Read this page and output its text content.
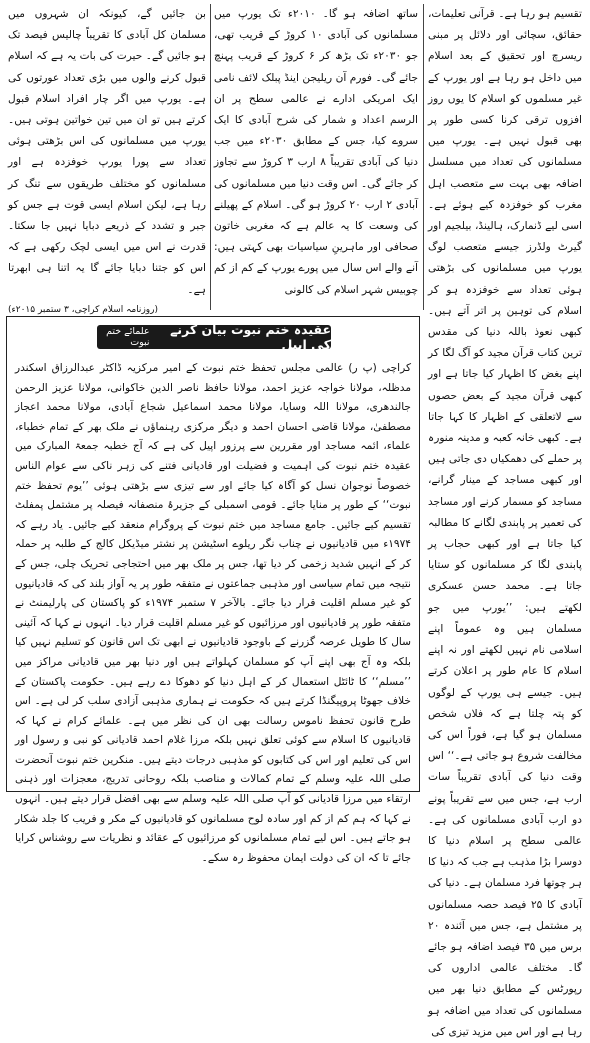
تقسیم ہو رہا ہے۔ قرآنی تعلیمات، حقائق، سچائی اور دلائل پر مبنی ریسرچ اور تحقیق کے بعد اسلام میں داخل ہو رہا ہے اور یورپ کے غیر مسلموں کو اسلام کا یوں روز افزوں ترقی کرنا کسی طور پر بھی قبول نہیں ہے۔ یورپ میں مسلمانوں کی تعداد میں مسلسل اضافہ بھی بہت سے متعصب اہل مغرب کو خوفزدہ کیے ہوئے ہے۔ اسی لیے ڈنمارک، ہالینڈ، بیلجیم اور گیرٹ ولڈرز جیسے متعصب لوگ یورپ میں مسلمانوں کی بڑھتی ہوئی تعداد سے خوفزدہ ہو کر اسلام کی توہین پر اتر آتے ہیں۔ کبھی نعوذ باللہ دنیا کی مقدس ترین کتاب قرآن مجید کو آگ لگا کر اپنے بغض کا اظہار کیا جاتا ہے اور کبھی قرآن مجید کے بعض حصوں سے لاتعلقی کے اظہار کا کہا جاتا ہے۔ کبھی خانہ کعبہ و مدینہ منورہ پر حملے کی دھمکیاں دی جاتی ہیں اور کبھی مساجد کے مینار گرانے، مساجد کو مسمار کرنے اور مساجد کی تعمیر پر پابندی لگانے کا مطالبہ کیا جاتا ہے اور کبھی حجاب پر پابندی لگا کر مسلمانوں کو ستایا جاتا ہے۔ محمد حسن عسکری لکھتے ہیں: ’’یورپ میں جو مسلمان ہیں وہ عموماً اپنے اسلامی نام نہیں لکھتے اور نہ اپنے اسلام کا عام طور پر اعلان کرتے ہیں۔ جیسے ہی یورپ کے لوگوں کو پتہ چلتا ہے کہ فلاں شخص مسلمان ہو گیا ہے، فوراً اس کی مخالفت شروع ہو جاتی ہے۔‘‘ اس وقت دنیا کی آبادی تقریباً سات ارب ہے، جس میں سے تقریباً پونے دو ارب آبادی مسلمانوں کی ہے۔ عالمی سطح پر اسلام دنیا کا دوسرا بڑا مذہب ہے جب کہ دنیا کا ہر چوتھا فرد مسلمان ہے۔ دنیا کی آبادی کا ۲۵ فیصد حصہ مسلمانوں پر مشتمل ہے، جس میں آئندہ ۲۰ برس میں ۳۵ فیصد اضافہ ہو جائے گا۔ مختلف عالمی اداروں کی رپورٹس کے مطابق دنیا بھر میں مسلمانوں کی تعداد میں اضافہ ہو رہا ہے اور اس میں مزید تیزی کی

ساتھ اضافہ ہو گا۔ ۲۰۱۰ء تک یورپ میں مسلمانوں کی آبادی ۱۰ کروڑ کے قریب تھی، جو ۲۰۳۰ء تک بڑھ کر ۶ کروڑ کے قریب پہنچ جائے گی۔ فورم آن ریلیجن اینڈ پبلک لائف نامی ایک امریکی ادارے نے عالمی سطح پر ان الرسم اعداد و شمار کی شرح آبادی کا ایک سروے کیا، جس کے مطابق ۲۰۳۰ء میں جب دنیا کی آبادی تقریباً ۸ ارب ۳ کروڑ سے تجاوز کر جائے گی۔ اس وقت دنیا میں مسلمانوں کی آبادی ۲ ارب ۲۰ کروڑ ہو گی۔ اسلام کے پھیلنے کی وسعت کا یہ عالم ہے کہ مغربی خاتون صحافی اور ماہرینِ سیاسیات بھی کہتی ہیں: آنے والے اس سال میں پورے یورپ کے کم از کم چوبیس شہر اسلام کی کالونی

بن جائیں گے، کیونکہ ان شہروں میں مسلمان کل آبادی کا تقریباً چالیس فیصد تک ہو جائیں گے۔ حیرت کی بات یہ ہے کہ اسلام قبول کرنے والوں میں بڑی تعداد عورتوں کی ہے۔ یورپ میں اگر چار افراد اسلام قبول کرتے ہیں تو ان میں تین خواتین ہوتی ہیں۔ یورپ میں مسلمانوں کی اس بڑھتی ہوئی تعداد سے پورا یورپ خوفزدہ ہے اور مسلمانوں کو مختلف طریقوں سے تنگ کر رہا ہے، لیکن اسلام ایسی قوت ہے جس کو جبر و تشدد کے ذریعے دبایا نہیں جا سکتا۔ قدرت نے اس میں ایسی لچک رکھی ہے کہ اس کو جتنا دبایا جائے گا یہ اتنا ہی ابھرتا ہے۔

(روزنامہ اسلام کراچی، ۳ ستمبر ۲۰۱۵ء)
عقیدہ ختم نبوت بیان کرنے کی اپیل
علمائے ختم نبوت

کراچی (پ ر) عالمی مجلس تحفظ ختم نبوت کے امیر مرکزیہ ڈاکٹر عبدالرزاق اسکندر مدظلہ، مولانا خواجہ عزیز احمد، مولانا حافظ ناصر الدین خاکوانی، مولانا عزیز الرحمن جالندھری، مولانا اللہ وسایا، مولانا محمد اسماعیل شجاع آبادی، مولانا محمد اعجاز مصطفیٰ، مولانا قاضی احسان احمد و دیگر مرکزی رہنماؤں نے ملک بھر کے تمام خطباء، علماء، ائمہ مساجد اور مقررین سے پرزور اپیل کی ہے کہ آج خطبہ جمعۃ المبارک میں عقیدہ ختم نبوت کی اہمیت و فضیلت اور قادیانی فتنے کی زہر ناکی سے عوام الناس خصوصاً نوجوان نسل کو آگاہ کیا جائے اور سے تیزی سے بڑھتی ہوئی ’’یوم تحفظ ختم نبوت‘‘ کے طور پر منایا جائے۔ قومی اسمبلی کے جزیرۂ منصفانہ فیصلہ پر مشتمل پمفلٹ تقسیم کیے جائیں۔ جامع مساجد میں ختم نبوت کے پروگرام منعقد کیے جائیں۔ یاد رہے کہ ۱۹۷۴ء میں قادیانیوں نے چناب نگر ریلوے اسٹیشن پر نشتر میڈیکل کالج کے طلبہ پر حملہ کر کے انہیں شدید زخمی کر دیا تھا، جس پر ملک بھر میں احتجاجی تحریک چلی، جس کے نتیجہ میں تمام سیاسی اور مذہبی جماعتوں نے متفقہ طور پر یہ آواز بلند کی کہ قادیانیوں کو غیر مسلم اقلیت قرار دیا جائے۔ بالآخر ۷ ستمبر ۱۹۷۴ء کو پاکستان کی پارلیمنٹ نے متفقہ طور پر قادیانیوں اور مرزائیوں کو غیر مسلم اقلیت قرار دیا۔ انہوں نے کہا کہ آئینی سال کا طویل عرصہ گزرنے کے باوجود قادیانیوں نے ابھی تک اس قانون کو تسلیم نہیں کیا بلکہ وہ آج بھی اپنے آپ کو مسلمان کہلواتے ہیں اور دنیا بھر میں قادیانی مراکز میں ’’مسلم‘‘ کا ٹائٹل استعمال کر کے اہل دنیا کو دھوکا دے رہے ہیں۔ حکومت پاکستان کے خلاف جھوٹا پروپیگنڈا کرتے ہیں کہ حکومت نے ہماری مذہبی آزادی سلب کر لی ہے۔ اس طرح قانون تحفظ ناموس رسالت بھی ان کی نظر میں ہے۔ علمائے کرام نے کہا کہ قادیانیوں کا اسلام سے کوئی تعلق نہیں بلکہ مرزا غلام احمد قادیانی کو نبی و رسول اور اس کی تعلیم اور اس کی کتابوں کو مذہبی درجات دیتے ہیں۔ منکرین ختم نبوت آنحضرت صلی اللہ علیہ وسلم کے تمام کمالات و مناصب بلکہ روحانی تدریج، معجزات اور ذہنی ارتقاء میں مرزا قادیانی کو آپ صلی اللہ علیہ وسلم سے بھی افضل قرار دیتے ہیں۔ انہوں نے کہا کہ ہم کم از کم اور سادہ لوح مسلمانوں کو قادیانیوں کے مکر و فریب کا جلد شکار ہو جاتے ہیں۔ اس لیے تمام مسلمانوں کو مرزائیوں کے عقائد و نظریات سے روشناس کرایا جائے تا کہ ان کی دولت ایمان محفوظ رہ سکے۔
